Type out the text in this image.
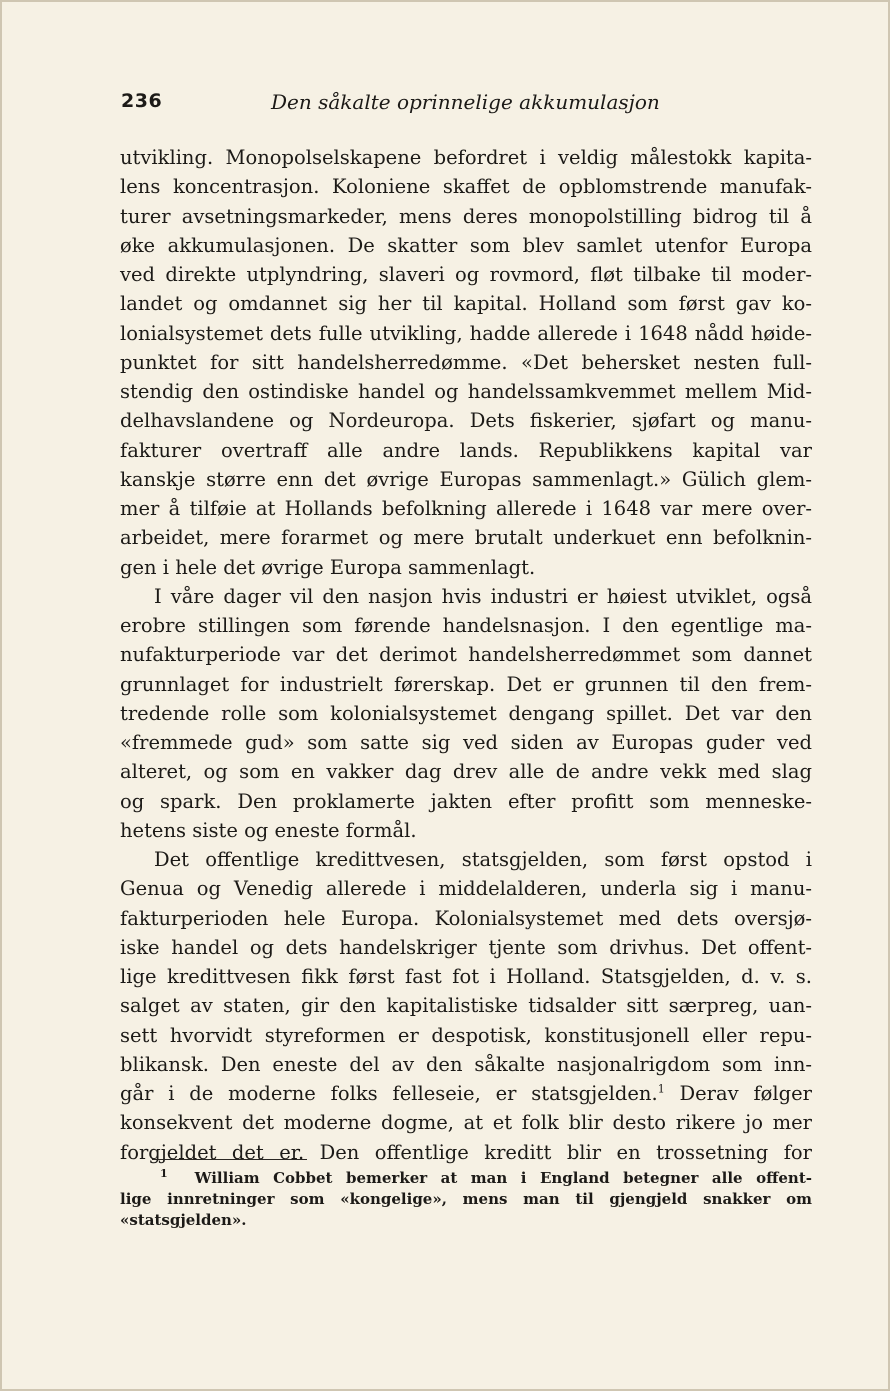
236	Den såkalte oprinnelige akkumulasjon
utvikling. Monopolselskapene befordret i veldig målestokk kapita-
lens koncentrasjon. Koloniene skaffet de opblomstrende manufak-
turer avsetningsmarkeder, mens deres monopolstilling bidrog til å
øke akkumulasjonen. De skatter som blev samlet utenfor Europa
ved direkte utplyndring, slaveri og rovmord, fløt tilbake til moder-
landet og omdannet sig her til kapital. Holland som først gav ko-
lonialsystemet dets fulle utvikling, hadde allerede i 1648 nådd høide-
punktet for sitt handelsherredømme. «Det behersket nesten full-
stendig den ostindiske handel og handelssamkvemmet mellem Mid-
delhavslandene og Nordeuropa. Dets fiskerier, sjøfart og manu-
fakturer overtraff alle andre lands. Republikkens kapital var
kanskje større enn det øvrige Europas sammenlagt.» Gülich glem-
mer å tilføie at Hollands befolkning allerede i 1648 var mere over-
arbeidet, mere forarmet og mere brutalt underkuet enn befolknin-
gen i hele det øvrige Europa sammenlagt.
I våre dager vil den nasjon hvis industri er høiest utviklet, også
erobre stillingen som førende handelsnasjon. I den egentlige ma-
nufakturperiode var det derimot handelsherredømmet som dannet
grunnlaget for industrielt førerskap. Det er grunnen til den frem-
tredende rolle som kolonialsystemet dengang spillet. Det var den
«fremmede gud» som satte sig ved siden av Europas guder ved
alteret, og som en vakker dag drev alle de andre vekk med slag
og spark. Den proklamerte jakten efter profitt som menneske-
hetens siste og eneste formål.
Det offentlige kredittvesen, statsgjelden, som først opstod i
Genua og Venedig allerede i middelalderen, underla sig i manu-
fakturperioden hele Europa. Kolonialsystemet med dets oversjø-
iske handel og dets handelskriger tjente som drivhus. Det offent-
lige kredittvesen fikk først fast fot i Holland. Statsgjelden, d. v. s.
salget av staten, gir den kapitalistiske tidsalder sitt særpreg, uan-
sett hvorvidt styreformen er despotisk, konstitusjonell eller repu-
blikansk. Den eneste del av den såkalte nasjonalrigdom som inn-
går i de moderne folks felleseie, er statsgjelden.$^1$ Derav følger
konsekvent det moderne dogme, at et folk blir desto rikere jo mer
forgjeldet det er. Den offentlige kreditt blir en trossetning for
$^1$ William Cobbet bemerker at man i England betegner alle offent-
lige innretninger som «kongelige», mens man til gjengjeld snakker om
«statsgjelden».
